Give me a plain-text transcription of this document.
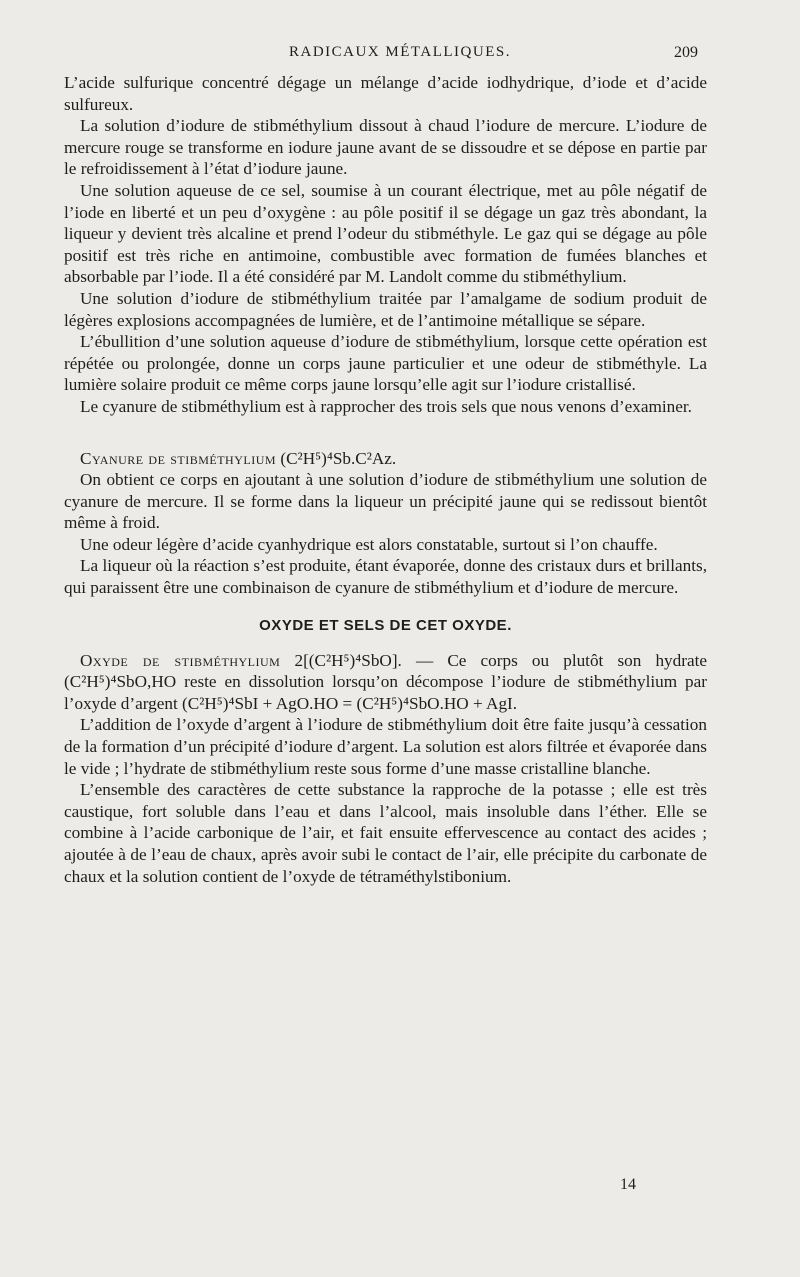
RADICAUX MÉTALLIQUES.	209

L’acide sulfurique concentré dégage un mélange d’acide iodhydrique, d’iode et d’acide sulfureux.

La solution d’iodure de stibméthylium dissout à chaud l’iodure de mercure. L’iodure de mercure rouge se transforme en iodure jaune avant de se dissoudre et se dépose en partie par le refroidissement à l’état d’iodure jaune.

Une solution aqueuse de ce sel, soumise à un courant électrique, met au pôle négatif de l’iode en liberté et un peu d’oxygène : au pôle positif il se dégage un gaz très abondant, la liqueur y devient très alcaline et prend l’odeur du stibméthyle. Le gaz qui se dégage au pôle positif est très riche en antimoine, combustible avec formation de fumées blanches et absorbable par l’iode. Il a été considéré par M. Landolt comme du stibméthylium.

Une solution d’iodure de stibméthylium traitée par l’amalgame de sodium produit de légères explosions accompagnées de lumière, et de l’antimoine métallique se sépare.

L’ébullition d’une solution aqueuse d’iodure de stibméthylium, lorsque cette opération est répétée ou prolongée, donne un corps jaune particulier et une odeur de stibméthyle. La lumière solaire produit ce même corps jaune lorsqu’elle agit sur l’iodure cristallisé.

Le cyanure de stibméthylium est à rapprocher des trois sels que nous venons d’examiner.

Cyanure de stibméthylium (C²H⁵)⁴Sb.C²Az.

On obtient ce corps en ajoutant à une solution d’iodure de stibméthylium une solution de cyanure de mercure. Il se forme dans la liqueur un précipité jaune qui se redissout bientôt même à froid.

Une odeur légère d’acide cyanhydrique est alors constatable, surtout si l’on chauffe.

La liqueur où la réaction s’est produite, étant évaporée, donne des cristaux durs et brillants, qui paraissent être une combinaison de cyanure de stibméthylium et d’iodure de mercure.

OXYDE ET SELS DE CET OXYDE.

Oxyde de stibméthylium 2[(C²H⁵)⁴SbO]. — Ce corps ou plutôt son hydrate (C²H⁵)⁴SbO,HO reste en dissolution lorsqu’on décompose l’iodure de stibméthylium par l’oxyde d’argent (C²H⁵)⁴SbI + AgO.HO = (C²H⁵)⁴SbO.HO + AgI.

L’addition de l’oxyde d’argent à l’iodure de stibméthylium doit être faite jusqu’à cessation de la formation d’un précipité d’iodure d’argent. La solution est alors filtrée et évaporée dans le vide ; l’hydrate de stibméthylium reste sous forme d’une masse cristalline blanche.

L’ensemble des caractères de cette substance la rapproche de la potasse ; elle est très caustique, fort soluble dans l’eau et dans l’alcool, mais insoluble dans l’éther. Elle se combine à l’acide carbonique de l’air, et fait ensuite effervescence au contact des acides ; ajoutée à de l’eau de chaux, après avoir subi le contact de l’air, elle précipite du carbonate de chaux et la solution contient de l’oxyde de tétraméthylstibonium.

14
